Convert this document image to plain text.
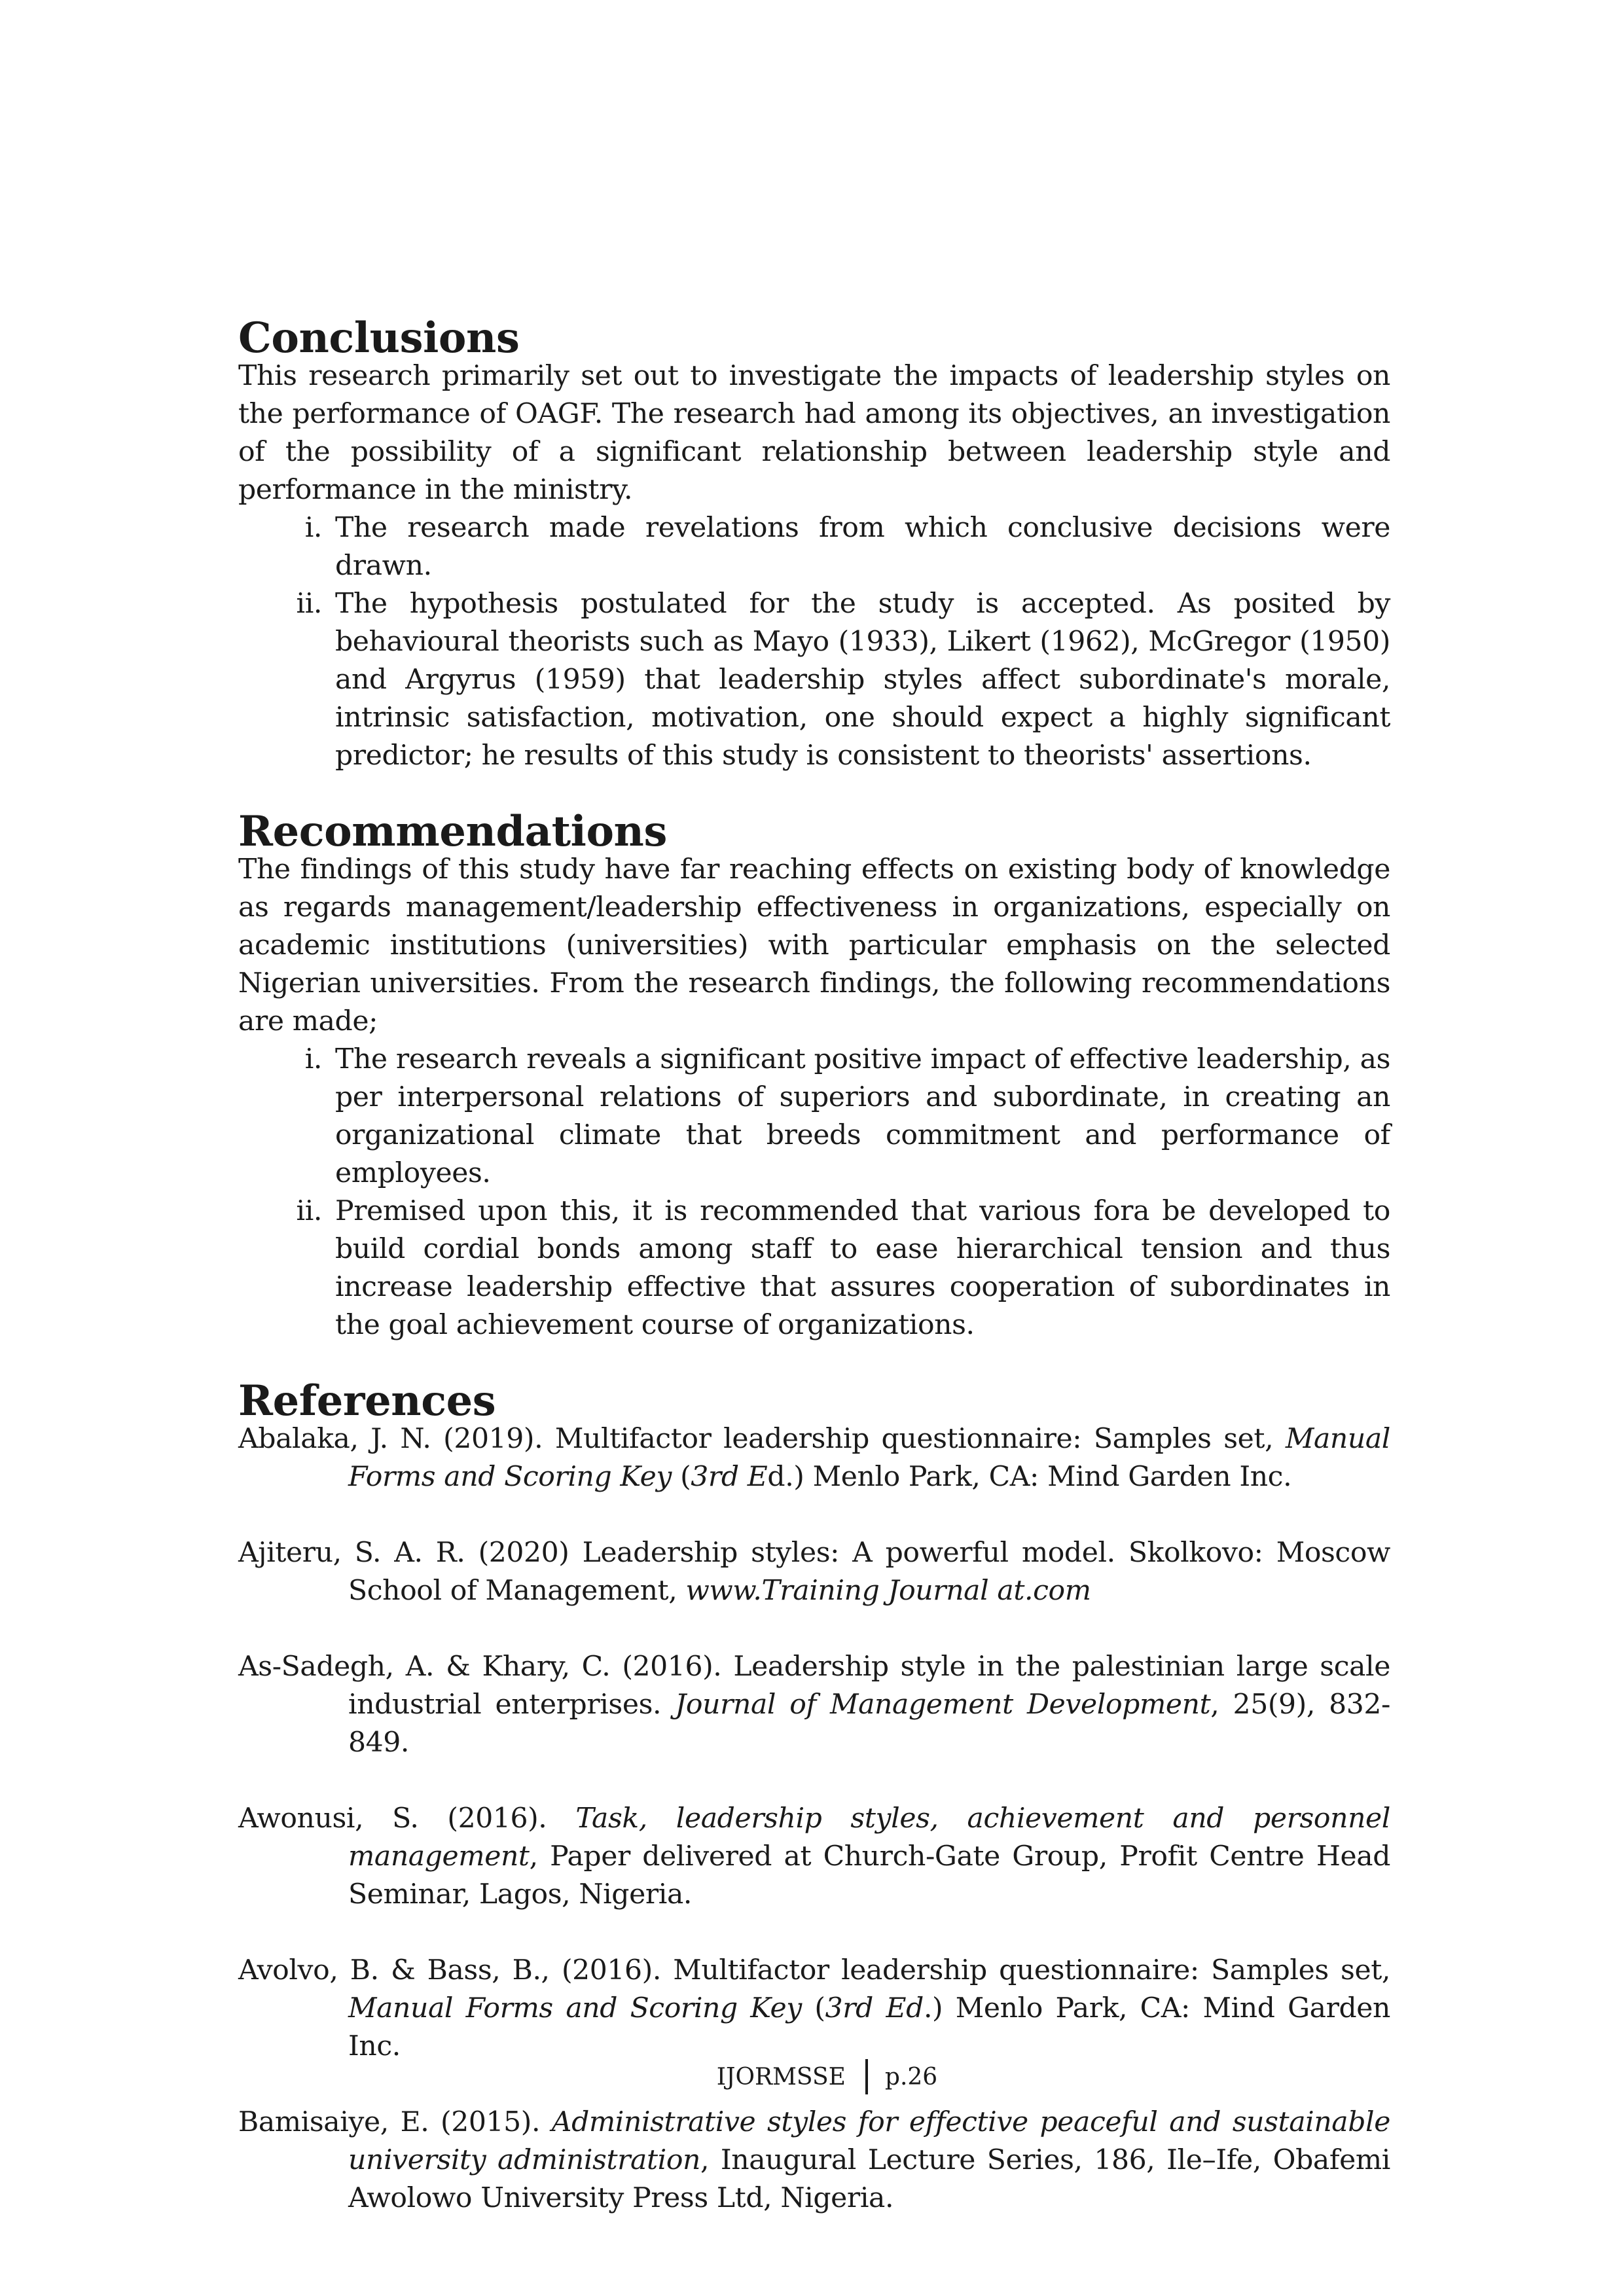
Conclusions

This research primarily set out to investigate the impacts of leadership styles on the performance of OAGF. The research had among its objectives, an investigation of the possibility of a significant relationship between leadership style and performance in the ministry.

i. The research made revelations from which conclusive decisions were drawn.
ii. The hypothesis postulated for the study is accepted. As posited by behavioural theorists such as Mayo (1933), Likert (1962), McGregor (1950) and Argyrus (1959) that leadership styles affect subordinate's morale, intrinsic satisfaction, motivation, one should expect a highly significant predictor; he results of this study is consistent to theorists' assertions.
Recommendations

The findings of this study have far reaching effects on existing body of knowledge as regards management/leadership effectiveness in organizations, especially on academic institutions (universities) with particular emphasis on the selected Nigerian universities. From the research findings, the following recommendations are made;

i. The research reveals a significant positive impact of effective leadership, as per interpersonal relations of superiors and subordinate, in creating an organizational climate that breeds commitment and performance of employees.
ii. Premised upon this, it is recommended that various fora be developed to build cordial bonds among staff to ease hierarchical tension and thus increase leadership effective that assures cooperation of subordinates in the goal achievement course of organizations.
References

Abalaka, J. N. (2019). Multifactor leadership questionnaire: Samples set, Manual Forms and Scoring Key (3rd Ed.) Menlo Park, CA: Mind Garden Inc.

Ajiteru, S. A. R. (2020) Leadership styles: A powerful model. Skolkovo: Moscow School of Management, www.Training Journal at.com

As-Sadegh, A. & Khary, C. (2016). Leadership style in the palestinian large scale industrial enterprises. Journal of Management Development, 25(9), 832-849.

Awonusi, S. (2016). Task, leadership styles, achievement and personnel management, Paper delivered at Church-Gate Group, Profit Centre Head Seminar, Lagos, Nigeria.

Avolvo, B. & Bass, B., (2016). Multifactor leadership questionnaire: Samples set, Manual Forms and Scoring Key (3rd Ed.) Menlo Park, CA: Mind Garden Inc.

Bamisaiye, E. (2015). Administrative styles for effective peaceful and sustainable university administration, Inaugural Lecture Series, 186, Ile–Ife, Obafemi Awolowo University Press Ltd, Nigeria.

IJORMSSE p.26
